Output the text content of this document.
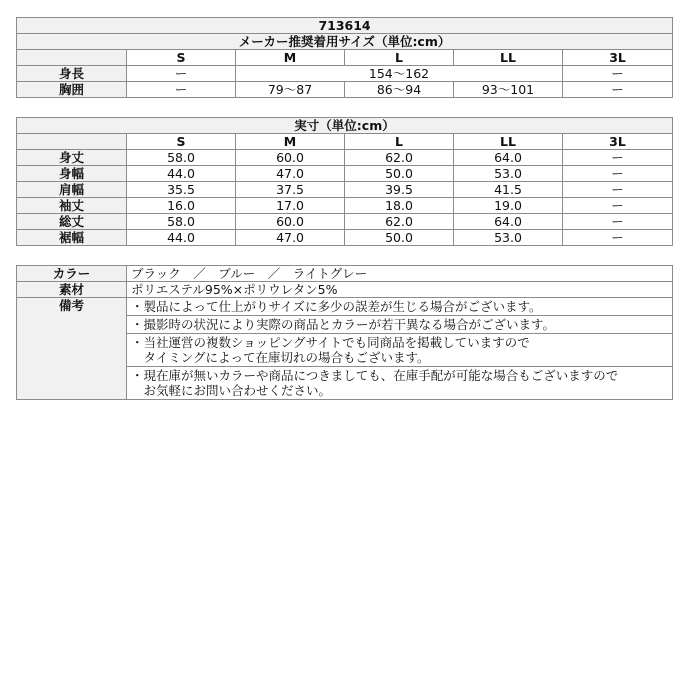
713614					
メーカー推奨着用サイズ（単位:cm）					
	S	M	L	LL	3L
身長	ー	154～162			ー
胸囲	ー	79～87	86～94	93～101	ー
実寸（単位:cm）					
	S	M	L	LL	3L
身丈	58.0	60.0	62.0	64.0	ー
身幅	44.0	47.0	50.0	53.0	ー
肩幅	35.5	37.5	39.5	41.5	ー
袖丈	16.0	17.0	18.0	19.0	ー
総丈	58.0	60.0	62.0	64.0	ー
裾幅	44.0	47.0	50.0	53.0	ー
カラー	ブラック　／　ブルー　／　ライトグレー
素材	ポリエステル95%×ポリウレタン5%
備考	・製品によって仕上がりサイズに多少の誤差が生じる場合がございます。

	・撮影時の状況により実際の商品とカラーが若干異なる場合がございます。

	・当社運営の複数ショッピングサイトでも同商品を掲載していますので
　タイミングによって在庫切れの場合もございます。

	・現在庫が無いカラーや商品につきましても、在庫手配が可能な場合もございますので
　お気軽にお問い合わせください。
